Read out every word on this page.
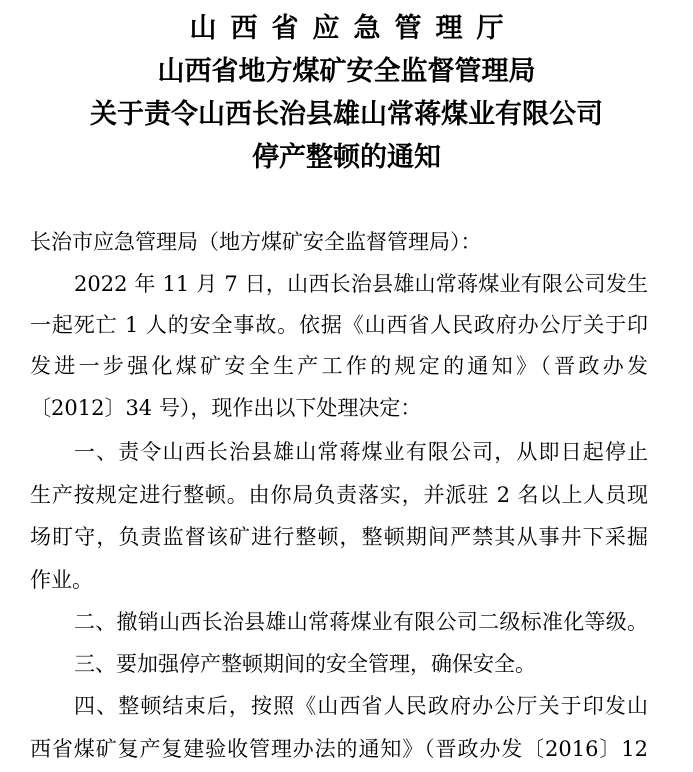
山西省应急管理厅
山西省地方煤矿安全监督管理局
关于责令山西长治县雄山常蒋煤业有限公司
停产整顿的通知
长治市应急管理局（地方煤矿安全监督管理局）：
2022 年 11 月 7 日，山西长治县雄山常蒋煤业有限公司发生
一起死亡 1 人的安全事故。依据《山西省人民政府办公厅关于印
发进一步强化煤矿安全生产工作的规定的通知》（晋政办发
〔2012〕34 号），现作出以下处理决定：
一、责令山西长治县雄山常蒋煤业有限公司，从即日起停止
生产按规定进行整顿。由你局负责落实，并派驻 2 名以上人员现
场盯守，负责监督该矿进行整顿，整顿期间严禁其从事井下采掘
作业。
二、撤销山西长治县雄山常蒋煤业有限公司二级标准化等级。
三、要加强停产整顿期间的安全管理，确保安全。
四、整顿结束后，按照《山西省人民政府办公厅关于印发山
西省煤矿复产复建验收管理办法的通知》（晋政办发〔2016〕12
